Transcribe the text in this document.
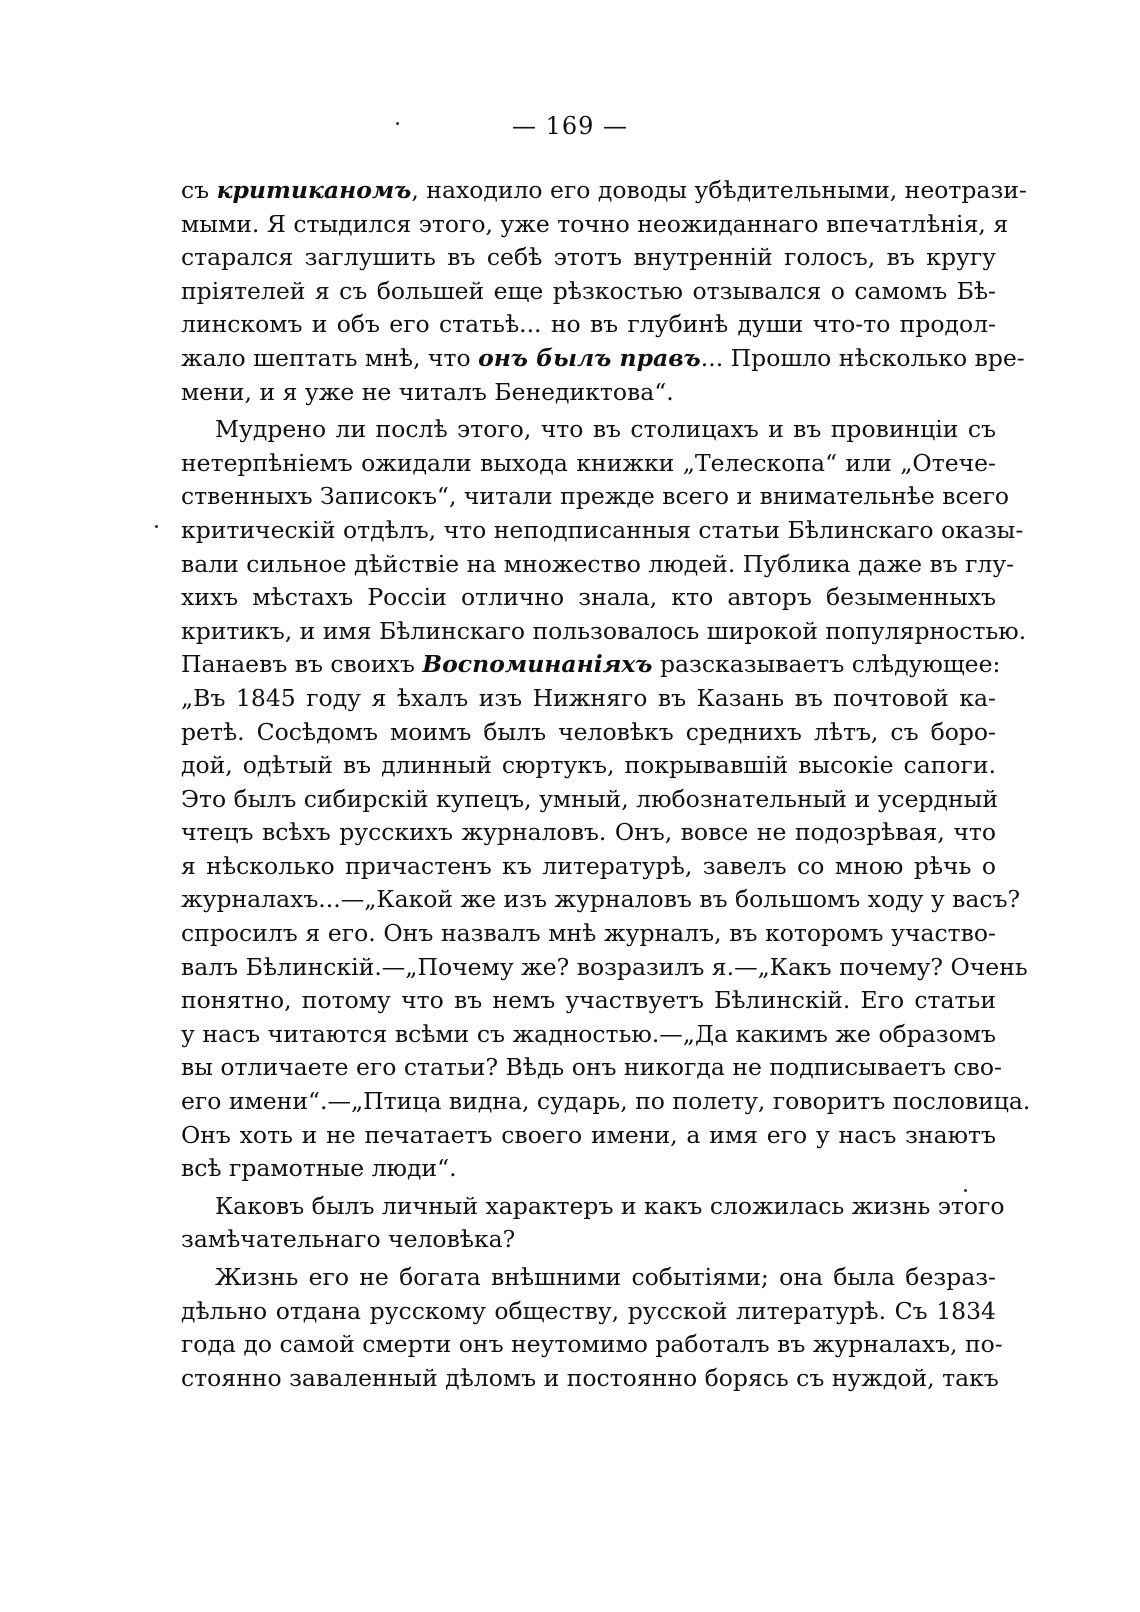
— 169 —
съ критиканомъ, находило его доводы убѣдительными, неотрази-
мыми. Я стыдился этого, уже точно неожиданнаго впечатлѣнія, я
старался заглушить въ себѣ этотъ внутренній голосъ, въ кругу
пріятелей я съ большей еще рѣзкостью отзывался о самомъ Бѣ-
линскомъ и объ его статьѣ... но въ глубинѣ души что-то продол-
жало шептать мнѣ, что онъ былъ правъ... Прошло нѣсколько вре-
мени, и я уже не читалъ Бенедиктова“.
Мудрено ли послѣ этого, что въ столицахъ и въ провинціи съ
нетерпѣніемъ ожидали выхода книжки „Телескопа“ или „Отече-
ственныхъ Записокъ“, читали прежде всего и внимательнѣе всего
критическій отдѣлъ, что неподписанныя статьи Бѣлинскаго оказы-
вали сильное дѣйствіе на множество людей. Публика даже въ глу-
хихъ мѣстахъ Россіи отлично знала, кто авторъ безыменныхъ
критикъ, и имя Бѣлинскаго пользовалось широкой популярностью.
Панаевъ въ своихъ Воспоминаніяхъ разсказываетъ слѣдующее:
„Въ 1845 году я ѣхалъ изъ Нижняго въ Казань въ почтовой ка-
ретѣ. Сосѣдомъ моимъ былъ человѣкъ среднихъ лѣтъ, съ боро-
дой, одѣтый въ длинный сюртукъ, покрывавшій высокіе сапоги.
Это былъ сибирскій купецъ, умный, любознательный и усердный
чтецъ всѣхъ русскихъ журналовъ. Онъ, вовсе не подозрѣвая, что
я нѣсколько причастенъ къ литературѣ, завелъ со мною рѣчь о
журналахъ...—„Какой же изъ журналовъ въ большомъ ходу у васъ?
спросилъ я его. Онъ назвалъ мнѣ журналъ, въ которомъ участво-
валъ Бѣлинскій.—„Почему же? возразилъ я.—„Какъ почему? Очень
понятно, потому что въ немъ участвуетъ Бѣлинскій. Его статьи
у насъ читаются всѣми съ жадностью.—„Да какимъ же образомъ
вы отличаете его статьи? Вѣдь онъ никогда не подписываетъ сво-
его имени“.—„Птица видна, сударь, по полету, говоритъ пословица.
Онъ хоть и не печатаетъ своего имени, а имя его у насъ знаютъ
всѣ грамотные люди“.
Каковъ былъ личный характеръ и какъ сложилась жизнь этого
замѣчательнаго человѣка?
Жизнь его не богата внѣшними событіями; она была безраз-
дѣльно отдана русскому обществу, русской литературѣ. Съ 1834
года до самой смерти онъ неутомимо работалъ въ журналахъ, по-
стоянно заваленный дѣломъ и постоянно борясь съ нуждой, такъ
